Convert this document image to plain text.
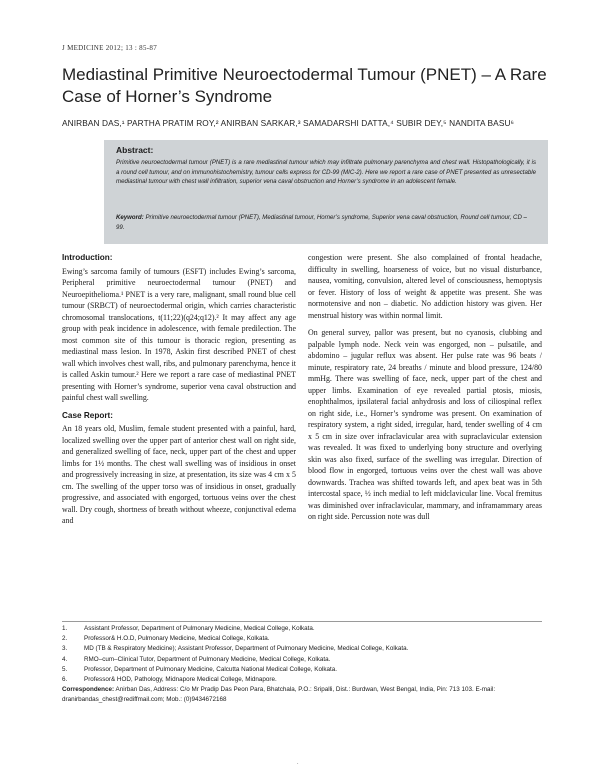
J MEDICINE 2012; 13 : 85-87
Mediastinal Primitive Neuroectodermal Tumour (PNET) – A Rare Case of Horner’s Syndrome
ANIRBAN DAS,¹ PARTHA PRATIM ROY,² ANIRBAN SARKAR,³ SAMADARSHI DATTA,⁴ SUBIR DEY,⁵ NANDITA BASU⁶
Abstract:
Primitive neuroectodermal tumour (PNET) is a rare mediastinal tumour which may infiltrate pulmonary parenchyma and chest wall. Histopathologically, it is a round cell tumour, and on immunohistochemistry, tumour cells express for CD-99 (MIC-2). Here we report a rare case of PNET presented as unresectable mediastinal tumour with chest wall infiltration, superior vena caval obstruction and Horner’s syndrome in an adolescent female.
Keyword: Primitive neuroectodermal tumour (PNET), Mediastinal tumour, Horner’s syndrome, Superior vena caval obstruction, Round cell tumour, CD – 99.
Introduction:

Ewing’s sarcoma family of tumours (ESFT) includes Ewing’s sarcoma, Peripheral primitive neuroectodermal tumour (PNET) and Neuroepithelioma.¹ PNET is a very rare, malignant, small round blue cell tumour (SRBCT) of neuroectodermal origin, which carries characteristic chromosomal translocations, t(11;22)(q24;q12).² It may affect any age group with peak incidence in adolescence, with female predilection. The most common site of this tumour is thoracic region, presenting as mediastinal mass lesion. In 1978, Askin first described PNET of chest wall which involves chest wall, ribs, and pulmonary parenchyma, hence it is called Askin tumour.² Here we report a rare case of mediastinal PNET presenting with Horner’s syndrome, superior vena caval obstruction and painful chest wall swelling.

Case Report:

An 18 years old, Muslim, female student presented with a painful, hard, localized swelling over the upper part of anterior chest wall on right side, and generalized swelling of face, neck, upper part of the chest and upper limbs for 1½ months. The chest wall swelling was of insidious in onset and progressively increasing in size, at presentation, its size was 4 cm x 5 cm. The swelling of the upper torso was of insidious in onset, gradually progressive, and associated with engorged, tortuous veins over the chest wall. Dry cough, shortness of breath without wheeze, conjunctival edema and

congestion were present. She also complained of frontal headache, difficulty in swelling, hoarseness of voice, but no visual disturbance, nausea, vomiting, convulsion, altered level of consciousness, hemoptysis or fever. History of loss of weight & appetite was present. She was normotensive and non – diabetic. No addiction history was given. Her menstrual history was within normal limit.

On general survey, pallor was present, but no cyanosis, clubbing and palpable lymph node. Neck vein was engorged, non – pulsatile, and abdomino – jugular reflux was absent. Her pulse rate was 96 beats / minute, respiratory rate, 24 breaths / minute and blood pressure, 124/80 mmHg. There was swelling of face, neck, upper part of the chest and upper limbs. Examination of eye revealed partial ptosis, miosis, enophthalmos, ipsilateral facial anhydrosis and loss of ciliospinal reflex on right side, i.e., Horner’s syndrome was present. On examination of respiratory system, a right sided, irregular, hard, tender swelling of 4 cm x 5 cm in size over infraclavicular area with supraclavicular extension was revealed. It was fixed to underlying bony structure and overlying skin was also fixed, surface of the swelling was irregular. Direction of blood flow in engorged, tortuous veins over the chest wall was above downwards. Trachea was shifted towards left, and apex beat was in 5th intercostal space, ½ inch medial to left midclavicular line. Vocal fremitus was diminished over infraclavicular, mammary, and inframammary areas on right side. Percussion note was dull

1.	Assistant Professor, Department of Pulmonary Medicine, Medical College, Kolkata.
2.	Professor& H.O.D, Pulmonary Medicine, Medical College, Kolkata.
3.	MD (TB & Respiratory Medicine); Assistant Professor, Department of Pulmonary Medicine, Medical College, Kolkata.
4.	RMO–cum–Clinical Tutor, Department of Pulmonary Medicine, Medical College, Kolkata.
5.	Professor, Department of Pulmonary Medicine, Calcutta National Medical College, Kolkata.
6.	Professor& HOD, Pathology, Midnapore Medical College, Midnapore.
Correspondence: Anirban Das, Address: C/o Mr Pradip Das Peon Para, Bhatchala, P.O.: Sripalli, Dist.: Burdwan, West Bengal, India, Pin: 713 103. E-mail: dranirbandas_chest@rediffmail.com; Mob.: (0)9434672168
.
